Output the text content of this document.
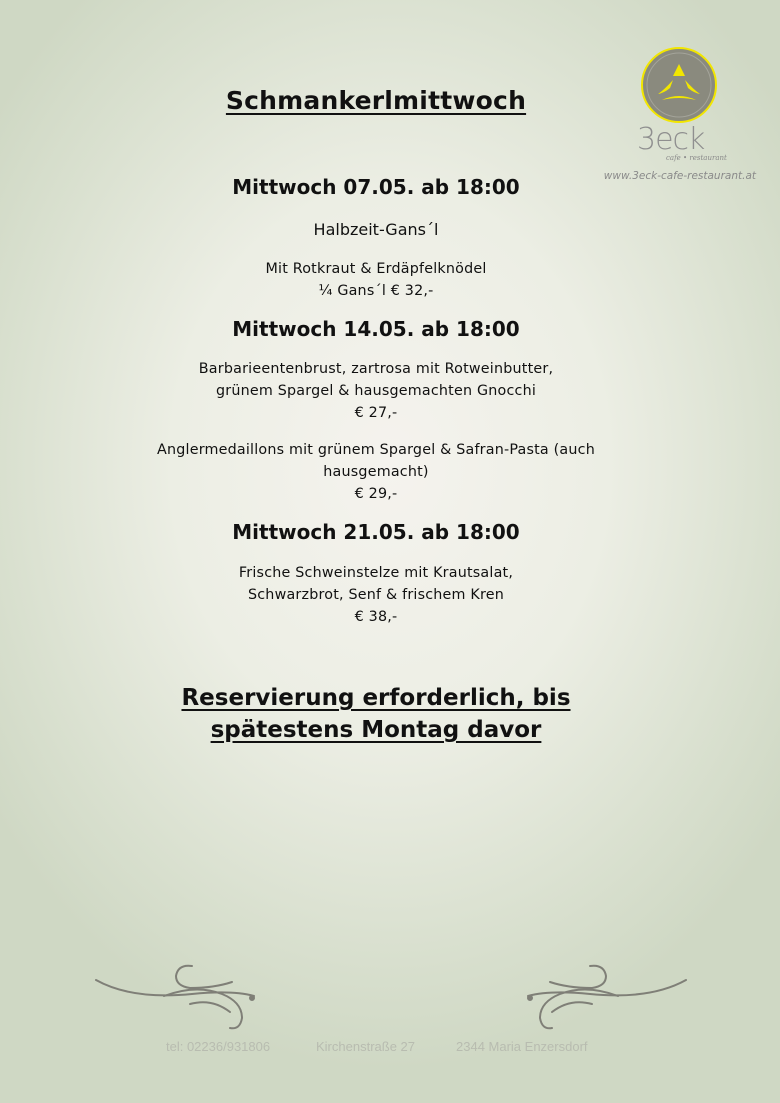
Schmankerlmittwoch
3eck
cafe • restaurant
www.3eck-cafe-restaurant.at
Mittwoch 07.05. ab 18:00
Halbzeit-Gans´l
Mit Rotkraut & Erdäpfelknödel
¼ Gans´l € 32,-
Mittwoch 14.05. ab 18:00
Barbarieentenbrust, zartrosa mit Rotweinbutter,
grünem Spargel & hausgemachten Gnocchi
€ 27,-
Anglermedaillons mit grünem Spargel & Safran-Pasta (auch
hausgemacht)
€ 29,-
Mittwoch 21.05. ab 18:00
Frische Schweinstelze mit Krautsalat,
Schwarzbrot, Senf & frischem Kren
€ 38,-
Reservierung erforderlich, bis
spätestens Montag davor
tel: 02236/931806	Kirchenstraße 27	2344 Maria Enzersdorf
